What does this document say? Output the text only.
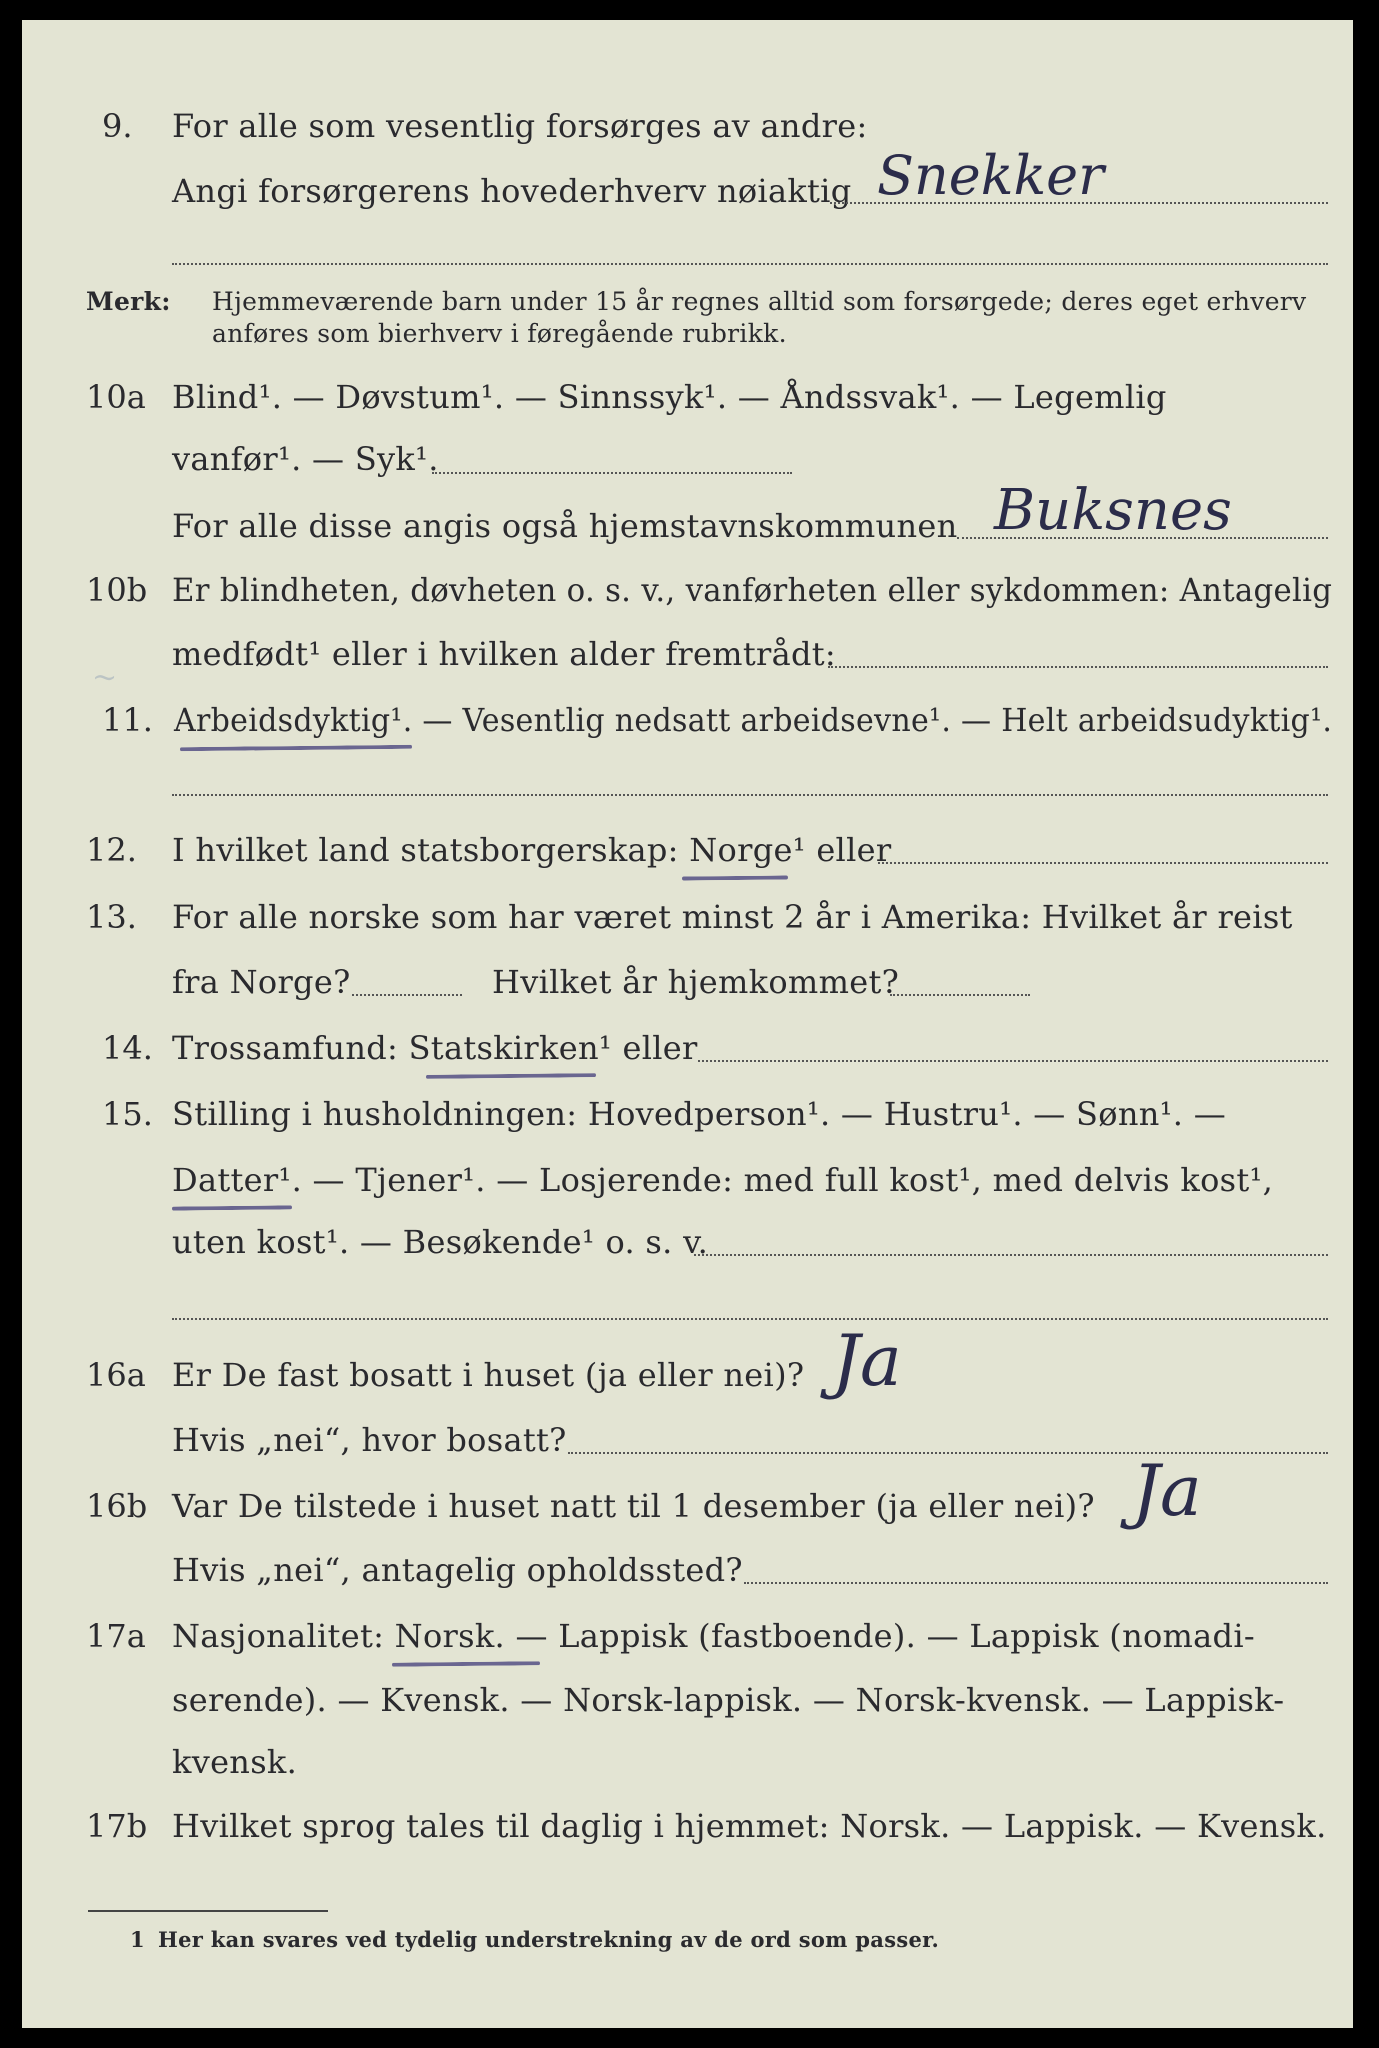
9. For alle som vesentlig forsørges av andre:
Angi forsørgerens hovederhverv nøiaktig Snekker
Merk: Hjemmeværende barn under 15 år regnes alltid som forsørgede; deres eget erhverv
anføres som bierhverv i føregående rubrikk.
10a Blind¹. — Døvstum¹. — Sinnssyk¹. — Åndssvak¹. — Legemlig
vanfør¹. — Syk¹.
For alle disse angis også hjemstavnskommunen Buksnes
10b Er blindheten, døvheten o. s. v., vanførheten eller sykdommen: Antagelig
medfødt¹ eller i hvilken alder fremtrådt:
~
11. Arbeidsdyktig¹. — Vesentlig nedsatt arbeidsevne¹. — Helt arbeidsudyktig¹.
12. I hvilket land statsborgerskap: Norge¹ eller
13. For alle norske som har været minst 2 år i Amerika: Hvilket år reist
fra Norge?	Hvilket år hjemkommet?
14. Trossamfund: Statskirken¹ eller
15. Stilling i husholdningen: Hovedperson¹. — Hustru¹. — Sønn¹. —
Datter¹. — Tjener¹. — Losjerende: med full kost¹, med delvis kost¹,
uten kost¹. — Besøkende¹ o. s. v.
16a Er De fast bosatt i huset (ja eller nei)? Ja
Hvis „nei“, hvor bosatt?
16b Var De tilstede i huset natt til 1 desember (ja eller nei)? Ja
Hvis „nei“, antagelig opholdssted?
17a Nasjonalitet: Norsk. — Lappisk (fastboende). — Lappisk (nomadi-
serende). — Kvensk. — Norsk-lappisk. — Norsk-kvensk. — Lappisk-
kvensk.
17b Hvilket sprog tales til daglig i hjemmet: Norsk. — Lappisk. — Kvensk.
1 Her kan svares ved tydelig understrekning av de ord som passer.
